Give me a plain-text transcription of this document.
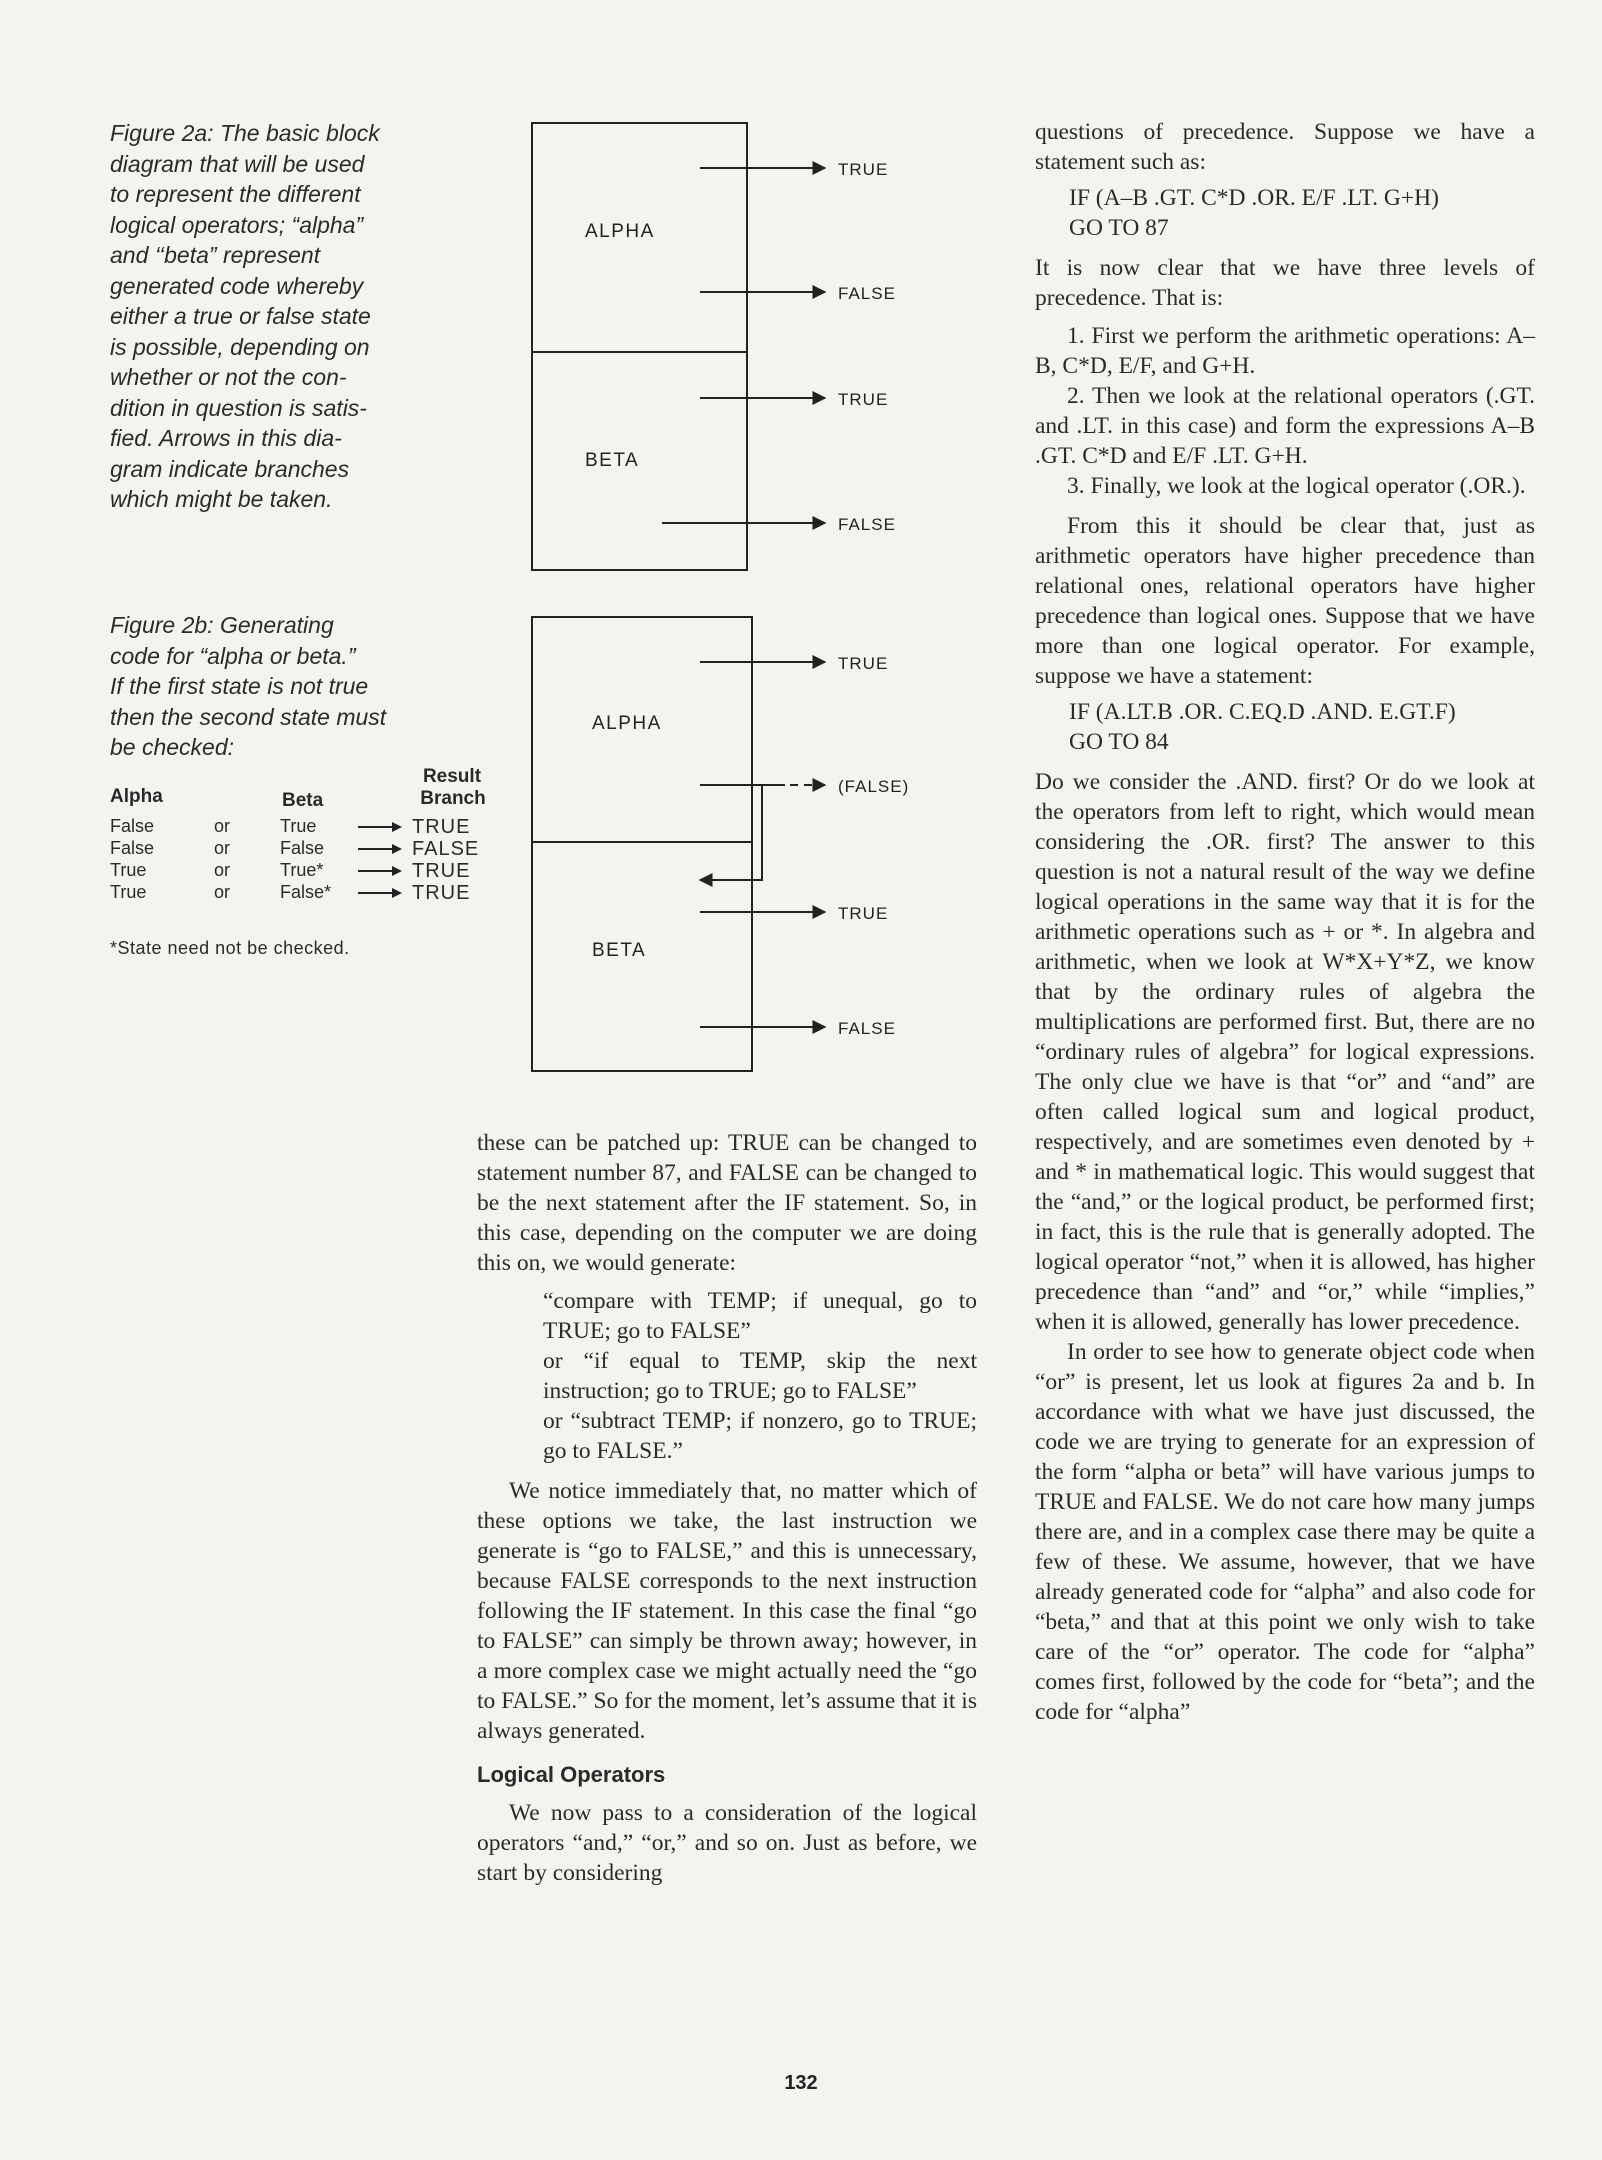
Figure 2a: The basic block
diagram that will be used
to represent the different
logical operators; “alpha”
and ‘‘beta” represent
generated code whereby
either a true or false state
is possible, depending on
whether or not the con-
dition in question is satis-
fied. Arrows in this dia-
gram indicate branches
which might be taken.
Figure 2b: Generating
code for “alpha or beta.”
If the first state is not true
then the second state must
be checked:
Alpha	Beta
Result
Branch
False	or	True	TRUE
False	or	False	FALSE
True	or	True*	TRUE
True	or	False*	TRUE
*State need not be checked.
ALPHA
BETA
TRUE
FALSE
TRUE
FALSE
ALPHA
BETA
TRUE
(FALSE)
TRUE
FALSE

these can be patched up: TRUE can be changed to statement number 87, and FALSE can be changed to be the next statement after the IF statement. So, in this case, depending on the computer we are doing this on, we would generate:

“compare with TEMP; if unequal, go to TRUE; go to FALSE”

or “if equal to TEMP, skip the next instruction; go to TRUE; go to FALSE”

or “subtract TEMP; if nonzero, go to TRUE; go to FALSE.”

We notice immediately that, no matter which of these options we take, the last instruction we generate is “go to FALSE,” and this is unnecessary, because FALSE corresponds to the next instruction following the IF statement. In this case the final “go to FALSE” can simply be thrown away; however, in a more complex case we might actually need the “go to FALSE.” So for the moment, let’s assume that it is always generated.

Logical Operators

We now pass to a consideration of the logical operators “and,” “or,” and so on. Just as before, we start by considering

questions of precedence. Suppose we have a statement such as:

IF (A–B .GT. C*D .OR. E/F .LT. G+H)
GO TO 87

It is now clear that we have three levels of precedence. That is:

1. First we perform the arithmetic operations: A–B, C*D, E/F, and G+H.

2. Then we look at the relational operators (.GT. and .LT. in this case) and form the expressions A–B .GT. C*D and E/F .LT. G+H.

3. Finally, we look at the logical operator (.OR.).

From this it should be clear that, just as arithmetic operators have higher precedence than relational ones, relational operators have higher precedence than logical ones. Suppose that we have more than one logical operator. For example, suppose we have a statement:

IF (A.LT.B .OR. C.EQ.D .AND. E.GT.F)
GO TO 84

Do we consider the .AND. first? Or do we look at the operators from left to right, which would mean considering the .OR. first? The answer to this question is not a natural result of the way we define logical operations in the same way that it is for the arithmetic operations such as + or *. In algebra and arithmetic, when we look at W*X+Y*Z, we know that by the ordinary rules of algebra the multiplications are performed first. But, there are no “ordinary rules of algebra” for logical expressions. The only clue we have is that “or” and “and” are often called logical sum and logical product, respectively, and are sometimes even denoted by + and * in mathematical logic. This would suggest that the “and,” or the logical product, be performed first; in fact, this is the rule that is generally adopted. The logical operator “not,” when it is allowed, has higher precedence than “and” and “or,” while “implies,” when it is allowed, generally has lower precedence.

In order to see how to generate object code when “or” is present, let us look at figures 2a and b. In accordance with what we have just discussed, the code we are trying to generate for an expression of the form “alpha or beta” will have various jumps to TRUE and FALSE. We do not care how many jumps there are, and in a complex case there may be quite a few of these. We assume, however, that we have already generated code for “alpha” and also code for “beta,” and that at this point we only wish to take care of the “or” operator. The code for “alpha” comes first, followed by the code for “beta”; and the code for “alpha”

132
